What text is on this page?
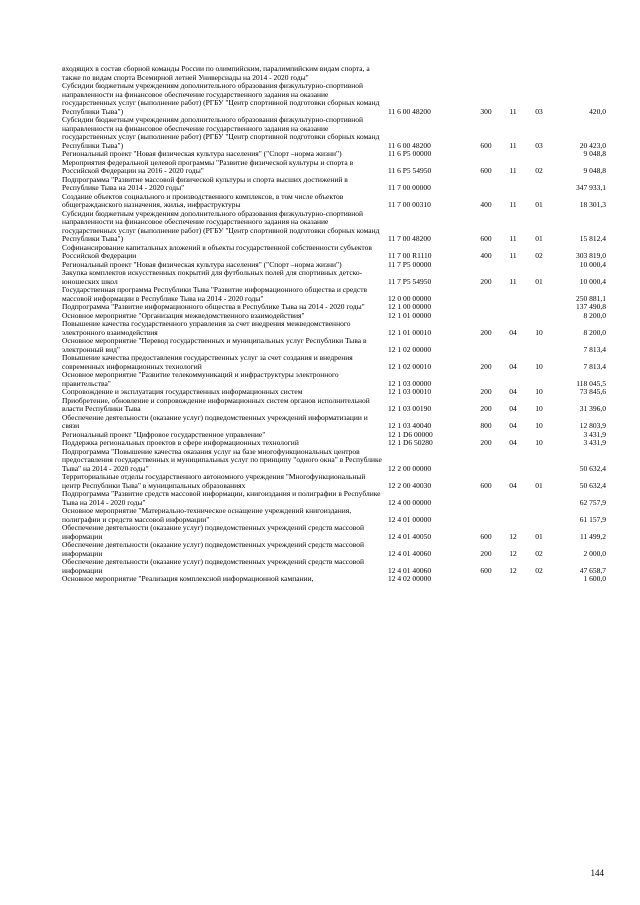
входящих в состав сборной команды России по олимпийским, паралимпийским видам спорта, а также по видам спорта Всемирной летней Универсиады на 2014 - 2020 годы"
Субсидии бюджетным учреждениям дополнительного образования физкультурно-спортивной направленности на финансовое обеспечение государственного задания на оказание государственных услуг (выполнение работ) (РГБУ "Центр спортивной подготовки сборных команд Республики Тыва")	11 6 00 48200	300	11	03	420,0
Субсидии бюджетным учреждениям дополнительного образования физкультурно-спортивной направленности на финансовое обеспечение государственного задания на оказание государственных услуг (выполнение работ) (РГБУ "Центр спортивной подготовки сборных команд Республики Тыва")	11 6 00 48200	600	11	03	20 423,0
Региональный проект "Новая физическая культура населения" ("Спорт –норма жизни")	11 6 P5 00000	9 048,8
Мероприятия федеральной целевой программы "Развитие физической культуры и спорта в Российской Федерации на 2016 - 2020 годы"	11 6 P5 54950	600	11	02	9 048,8
Подпрограмма "Развитие массовой физической культуры и спорта высших достижений в Республике Тыва на 2014 - 2020 годы"	11 7 00 00000	347 933,1
Создание объектов социального и производственного комплексов, в том числе объектов общегражданского назначения, жилья, инфраструктуры	11 7 00 00310	400	11	01	18 301,3
Субсидии бюджетным учреждениям дополнительного образования физкультурно-спортивной направленности на финансовое обеспечение государственного задания на оказание государственных услуг (выполнение работ) (РГБУ "Центр спортивной подготовки сборных команд Республики Тыва")	11 7 00 48200	600	11	01	15 812,4
Софинансирование капитальных вложений в объекты государственной собственности субъектов Российской Федерации	11 7 00 R1110	400	11	02	303 819,0
Региональный проект "Новая физическая культура населения" ("Спорт –норма жизни")	11 7 P5 00000	10 000,4
Закупка комплектов искусственных покрытий для футбольных полей для спортивных детско-юношеских школ	11 7 P5 54950	200	11	01	10 000,4
Государственная программа Республики Тыва "Развитие информационного общества и средств массовой информации в Республике Тыва на 2014 - 2020 годы"	12 0 00 00000	250 881,1
Подпрограмма "Развитие информационного общества в Республике Тыва на 2014 - 2020 годы"	12 1 00 00000	137 490,8
Основное мероприятие "Организация межведомственного взаимодействия"	12 1 01 00000	8 200,0
Повышение качества государственного управления за счет внедрения межведомственного электронного взаимодействия	12 1 01 00010	200	04	10	8 200,0
Основное мероприятие "Перевод государственных и муниципальных услуг Республики Тыва в электронный вид"	12 1 02 00000	7 813,4
Повышение качества предоставления государственных услуг за счет создания и внедрения современных информационных технологий	12 1 02 00010	200	04	10	7 813,4
Основное мероприятие "Развитие телекоммуникаций и инфраструктуры электронного правительства"	12 1 03 00000	118 045,5
Сопровождение и эксплуатация государственных информационных систем	12 1 03 00010	200	04	10	73 845,6
Приобретение, обновление и сопровождение информационных систем органов исполнительной власти Республики Тыва	12 1 03 00190	200	04	10	31 396,0
Обеспечение деятельности (оказание услуг) подведомственных учреждений информатизации и связи	12 1 03 40040	800	04	10	12 803,9
Региональный проект "Цифровое государственное управление"	12 1 D6 00000	3 431,9
Поддержка региональных проектов в сфере информационных технологий	12 1 D6 50280	200	04	10	3 431,9
Подпрограмма "Повышение качества оказания услуг на базе многофункциональных центров предоставления государственных и муниципальных услуг по принципу "одного окна" в Республике Тыва" на 2014 - 2020 годы"	12 2 00 00000	50 632,4
Территориальные отделы государственного автономного учреждения "Многофункциональный центр Республики Тыва" в муниципальных образованиях	12 2 00 40030	600	04	01	50 632,4
Подпрограмма "Развитие средств массовой информации, книгоиздания и полиграфии в Республике Тыва на 2014 - 2020 годы"	12 4 00 00000	62 757,9
Основное мероприятие "Материально-техническое оснащение учреждений книгоиздания, полиграфии и средств массовой информации"	12 4 01 00000	61 157,9
Обеспечение деятельности (оказание услуг) подведомственных учреждений средств массовой информации	12 4 01 40050	600	12	01	11 499,2
Обеспечение деятельности (оказание услуг) подведомственных учреждений средств массовой информации	12 4 01 40060	200	12	02	2 000,0
Обеспечение деятельности (оказание услуг) подведомственных учреждений средств массовой информации	12 4 01 40060	600	12	02	47 658,7
Основное мероприятие "Реализация комплексной информационной кампании,	12 4 02 00000	1 600,0
144
